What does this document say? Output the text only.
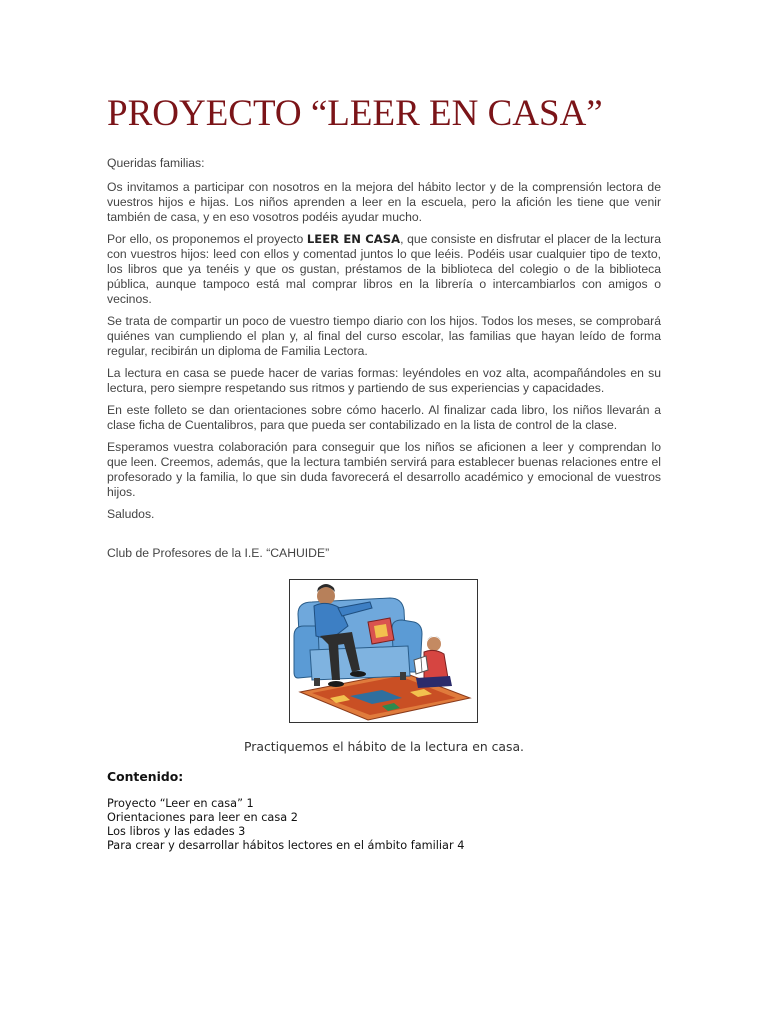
PROYECTO “LEER EN CASA”

Queridas familias:

Os invitamos a participar con nosotros en la mejora del hábito lector y de la comprensión lectora de vuestros hijos e hijas. Los niños aprenden a leer en la escuela, pero la afición les tiene que venir también de casa, y en eso vosotros podéis ayudar mucho.

Por ello, os proponemos el proyecto LEER EN CASA, que consiste en disfrutar el placer de la lectura con vuestros hijos: leed con ellos y comentad juntos lo que leéis. Podéis usar cualquier tipo de texto, los libros que ya tenéis y que os gustan, préstamos de la biblioteca del colegio o de la biblioteca pública, aunque tampoco está mal comprar libros en la librería o intercambiarlos con amigos o vecinos.

Se trata de compartir un poco de vuestro tiempo diario con los hijos. Todos los meses, se comprobará quiénes van cumpliendo el plan y, al final del curso escolar, las familias que hayan leído de forma regular, recibirán un diploma de Familia Lectora.

La lectura en casa se puede hacer de varias formas: leyéndoles en voz alta, acompañándoles en su lectura, pero siempre respetando sus ritmos y partiendo de sus experiencias y capacidades.

En este folleto se dan orientaciones sobre cómo hacerlo. Al finalizar cada libro, los niños llevarán a clase ficha de Cuentalibros, para que pueda ser contabilizado en la lista de control de la clase.

Esperamos vuestra colaboración para conseguir que los niños se aficionen a leer y comprendan lo que leen. Creemos, además, que la lectura también servirá para establecer buenas relaciones entre el profesorado y la familia, lo que sin duda favorecerá el desarrollo académico y emocional de vuestros hijos.

Saludos.

Club de Profesores de la I.E. “CAHUIDE”

Practiquemos el hábito de la lectura en casa.
Contenido:
Proyecto “Leer en casa” 1
Orientaciones para leer en casa 2
Los libros y las edades 3
Para crear y desarrollar hábitos lectores en el ámbito familiar 4
